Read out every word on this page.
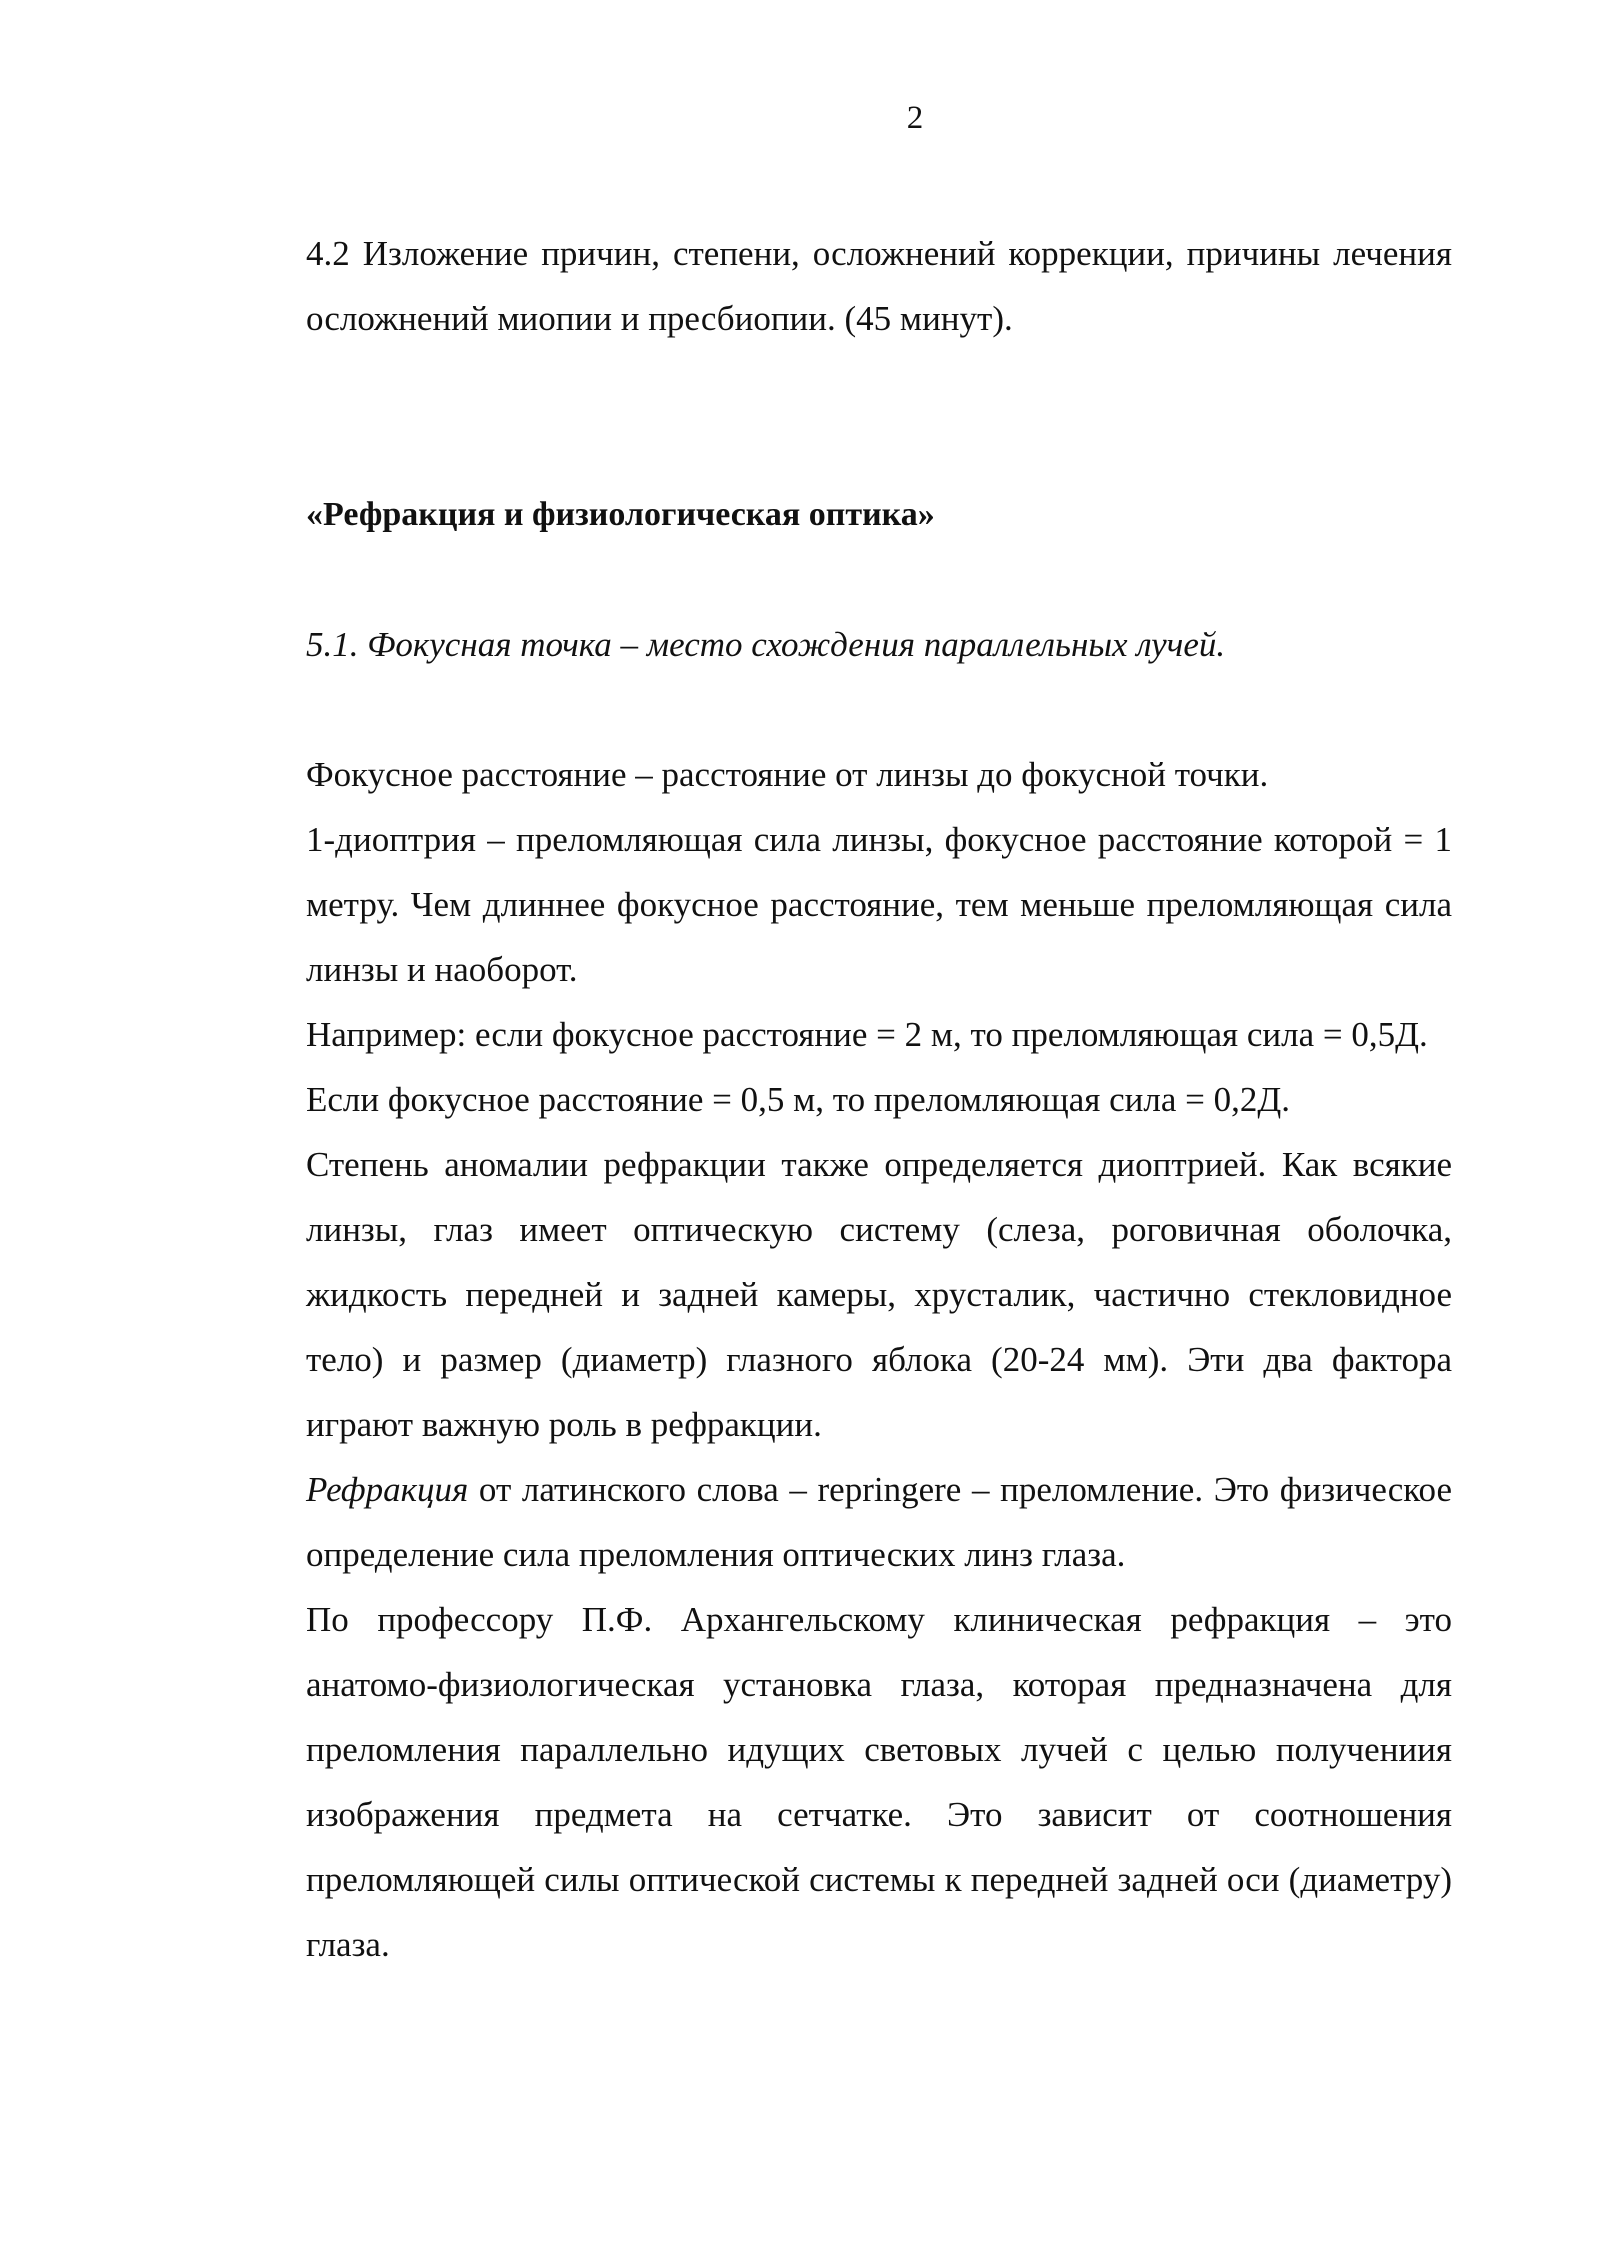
2

4.2 Изложение причин, степени, осложнений коррекции, причины лечения осложнений миопии и пресбиопии. (45 минут).

«Рефракция и физиологическая оптика»
5.1. Фокусная точка – место схождения параллельных лучей.

Фокусное расстояние – расстояние от линзы до фокусной точки.

1-диоптрия – преломляющая сила линзы, фокусное расстояние которой = 1 метру. Чем длиннее фокусное расстояние, тем меньше преломляющая сила линзы и наоборот.

Например: если фокусное расстояние = 2 м, то преломляющая сила = 0,5Д.

Если фокусное расстояние = 0,5 м, то преломляющая сила = 0,2Д.

Степень аномалии рефракции также определяется диоптрией. Как всякие линзы, глаз имеет оптическую систему (слеза, роговичная оболочка, жидкость передней и задней камеры, хрусталик, частично стекловидное тело) и размер (диаметр) глазного яблока (20-24 мм). Эти два фактора играют важную роль в рефракции.

Рефракция от латинского слова – repringere – преломление. Это физическое определение сила преломления оптических линз глаза.

По профессору П.Ф. Архангельскому клиническая рефракция – это анатомо-физиологическая установка глаза, которая предназначена для преломления параллельно идущих световых лучей с целью получениия изображения предмета на сетчатке. Это зависит от соотношения преломляющей силы оптической системы к передней задней оси (диаметру) глаза.
